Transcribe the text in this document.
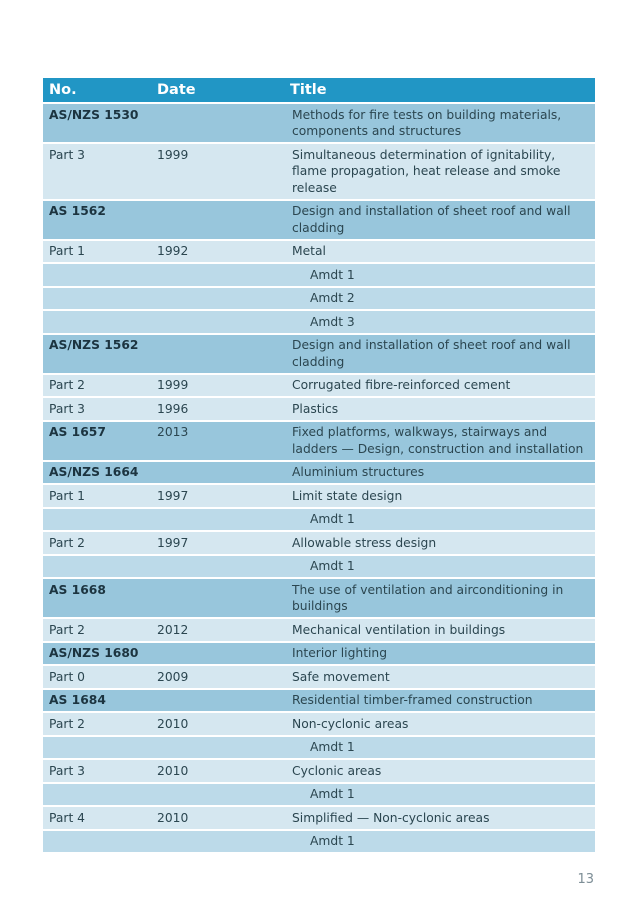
No.	Date	Title
AS/NZS 1530		Methods for fire tests on building materials, components and structures
Part 3	1999	Simultaneous determination of ignitability, flame propagation, heat release and smoke release
AS 1562		Design and installation of sheet roof and wall cladding
Part 1	1992	Metal
		Amdt 1
		Amdt 2
		Amdt 3
AS/NZS 1562		Design and installation of sheet roof and wall cladding
Part 2	1999	Corrugated fibre-reinforced cement
Part 3	1996	Plastics
AS 1657	2013	Fixed platforms, walkways, stairways and ladders — Design, construction and installation
AS/NZS 1664		Aluminium structures
Part 1	1997	Limit state design
		Amdt 1
Part 2	1997	Allowable stress design
		Amdt 1
AS 1668		The use of ventilation and airconditioning in buildings
Part 2	2012	Mechanical ventilation in buildings
AS/NZS 1680		Interior lighting
Part 0	2009	Safe movement
AS 1684		Residential timber-framed construction
Part 2	2010	Non-cyclonic areas
		Amdt 1
Part 3	2010	Cyclonic areas
		Amdt 1
Part 4	2010	Simplified — Non-cyclonic areas
		Amdt 1
13
